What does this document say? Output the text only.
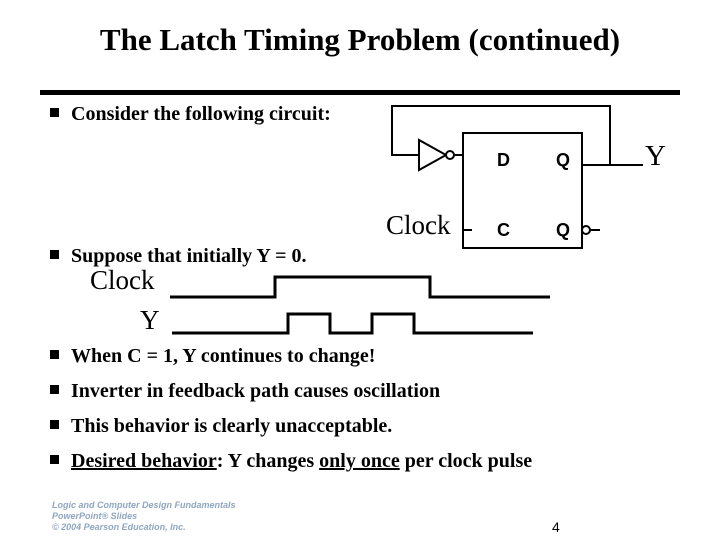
The Latch Timing Problem (continued)
Consider the following circuit:
Suppose that initially Y = 0.
D	Q
C	Q
Clock
Y
Clock
Y
When C = 1, Y continues to change!
Inverter in feedback path causes oscillation
This behavior is clearly unacceptable.
Desired behavior: Y changes only once per clock pulse
Logic and Computer Design Fundamentals
PowerPoint® Slides
© 2004 Pearson Education, Inc.	4
